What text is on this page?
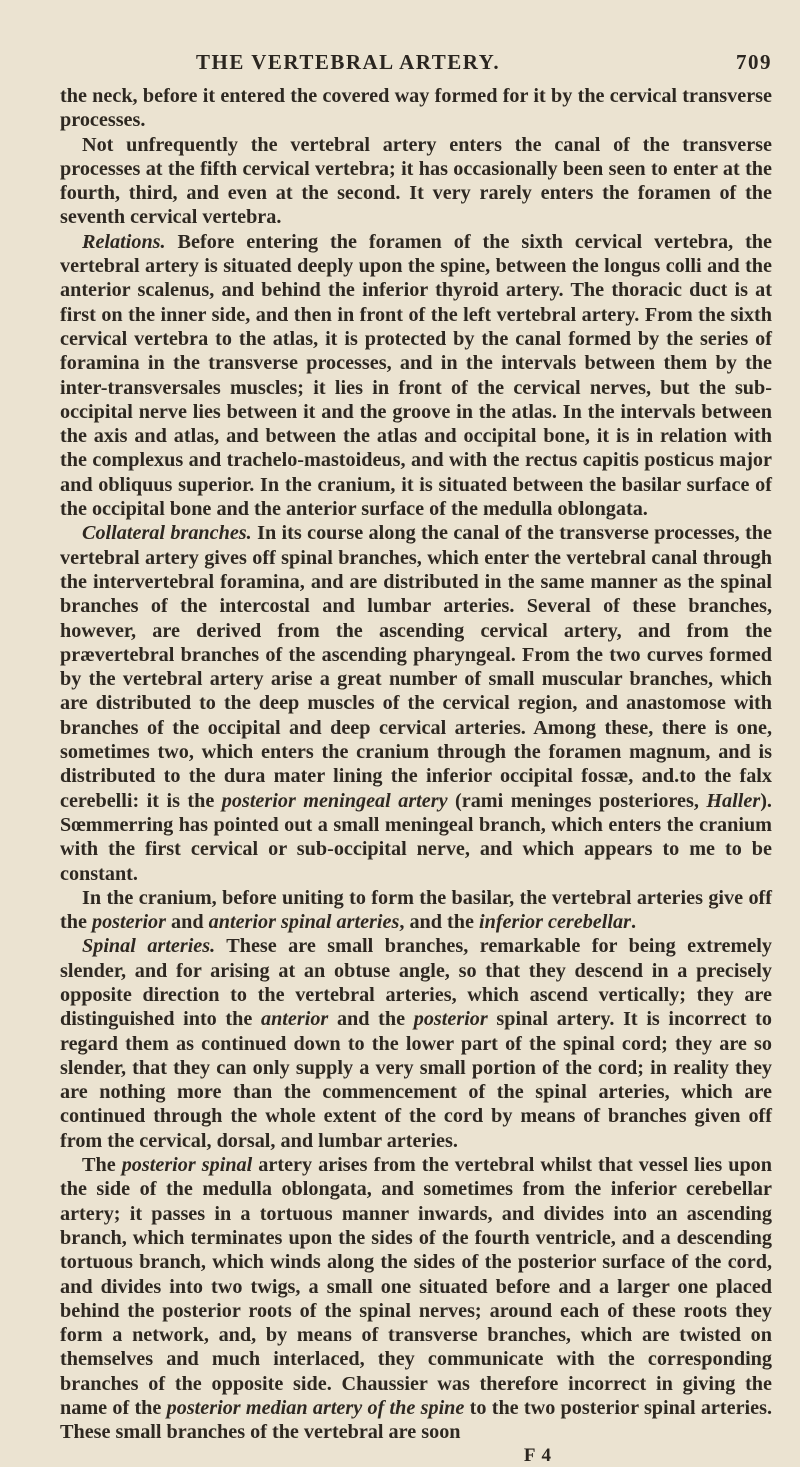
THE VERTEBRAL ARTERY.	709

the neck, before it entered the covered way formed for it by the cervical transverse processes.

Not unfrequently the vertebral artery enters the canal of the transverse processes at the fifth cervical vertebra; it has occasionally been seen to enter at the fourth, third, and even at the second. It very rarely enters the foramen of the seventh cervical vertebra.

Relations. Before entering the foramen of the sixth cervical vertebra, the vertebral artery is situated deeply upon the spine, between the longus colli and the anterior scalenus, and behind the inferior thyroid artery. The thoracic duct is at first on the inner side, and then in front of the left vertebral artery. From the sixth cervical vertebra to the atlas, it is protected by the canal formed by the series of foramina in the transverse processes, and in the intervals between them by the inter-transversales muscles; it lies in front of the cervical nerves, but the sub-occipital nerve lies between it and the groove in the atlas. In the intervals between the axis and atlas, and between the atlas and occipital bone, it is in relation with the complexus and trachelo-mastoideus, and with the rectus capitis posticus major and obliquus superior. In the cranium, it is situated between the basilar surface of the occipital bone and the anterior surface of the medulla oblongata.

Collateral branches. In its course along the canal of the transverse processes, the vertebral artery gives off spinal branches, which enter the vertebral canal through the intervertebral foramina, and are distributed in the same manner as the spinal branches of the intercostal and lumbar arteries. Several of these branches, however, are derived from the ascending cervical artery, and from the prævertebral branches of the ascending pharyngeal. From the two curves formed by the vertebral artery arise a great number of small muscular branches, which are distributed to the deep muscles of the cervical region, and anastomose with branches of the occipital and deep cervical arteries. Among these, there is one, sometimes two, which enters the cranium through the foramen magnum, and is distributed to the dura mater lining the inferior occipital fossæ, and.to the falx cerebelli: it is the posterior meningeal artery (rami meninges posteriores, Haller). Sœmmerring has pointed out a small meningeal branch, which enters the cranium with the first cervical or sub-occipital nerve, and which appears to me to be constant.

In the cranium, before uniting to form the basilar, the vertebral arteries give off the posterior and anterior spinal arteries, and the inferior cerebellar.

Spinal arteries. These are small branches, remarkable for being extremely slender, and for arising at an obtuse angle, so that they descend in a precisely opposite direction to the vertebral arteries, which ascend vertically; they are distinguished into the anterior and the posterior spinal artery. It is incorrect to regard them as continued down to the lower part of the spinal cord; they are so slender, that they can only supply a very small portion of the cord; in reality they are nothing more than the commencement of the spinal arteries, which are continued through the whole extent of the cord by means of branches given off from the cervical, dorsal, and lumbar arteries.

The posterior spinal artery arises from the vertebral whilst that vessel lies upon the side of the medulla oblongata, and sometimes from the inferior cerebellar artery; it passes in a tortuous manner inwards, and divides into an ascending branch, which terminates upon the sides of the fourth ventricle, and a descending tortuous branch, which winds along the sides of the posterior surface of the cord, and divides into two twigs, a small one situated before and a larger one placed behind the posterior roots of the spinal nerves; around each of these roots they form a network, and, by means of transverse branches, which are twisted on themselves and much interlaced, they communicate with the corresponding branches of the opposite side. Chaussier was therefore incorrect in giving the name of the posterior median artery of the spine to the two posterior spinal arteries. These small branches of the vertebral are soon

F 4
